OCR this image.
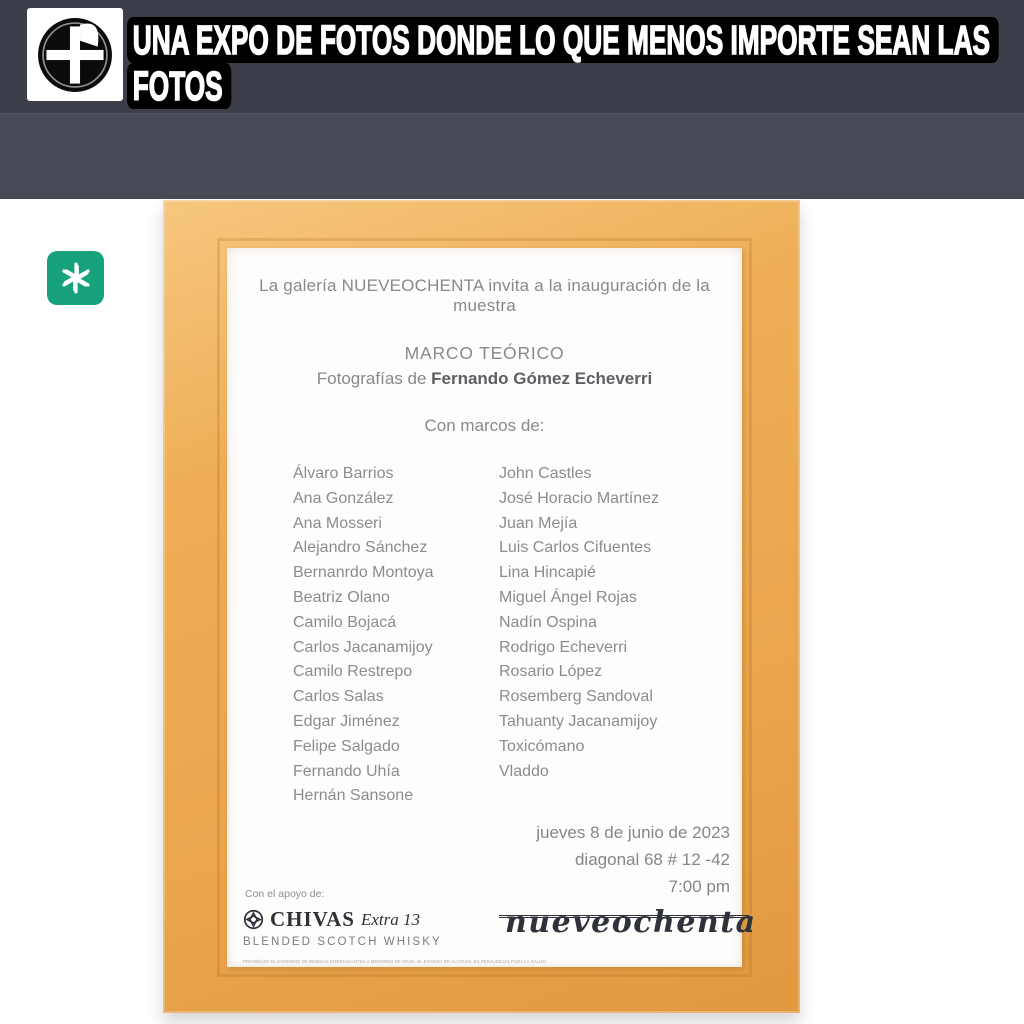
UNA EXPO DE FOTOS DONDE LO QUE MENOS IMPORTE SEAN LAS
FOTOS
La galería NUEVEOCHENTA invita a la inauguración de la muestra
MARCO TEÓRICO
Fotografías de Fernando Gómez Echeverri
Con marcos de:
Álvaro Barrios
Ana González
Ana Mosseri
Alejandro Sánchez
Bernanrdo Montoya
Beatriz Olano
Camilo Bojacá
Carlos Jacanamijoy
Camilo Restrepo
Carlos Salas
Edgar Jiménez
Felipe Salgado
Fernando Uhía
Hernán Sansone
John Castles
José Horacio Martínez
Juan Mejía
Luis Carlos Cifuentes
Lina Hincapié
Miguel Ángel Rojas
Nadín Ospina
Rodrigo Echeverri
Rosario López
Rosemberg Sandoval
Tahuanty Jacanamijoy
Toxicómano
Vladdo
jueves 8 de junio de 2023
diagonal 68 # 12 -42
7:00 pm
Con el apoyo de:
CHIVAS Extra 13
BLENDED SCOTCH WHISKY
PROHÍBASE EL EXPENDIO DE BEBIDAS EMBRIAGANTES A MENORES DE EDAD. EL EXCESO DE ALCOHOL ES PERJUDICIAL PARA LA SALUD.
nueveochenta
